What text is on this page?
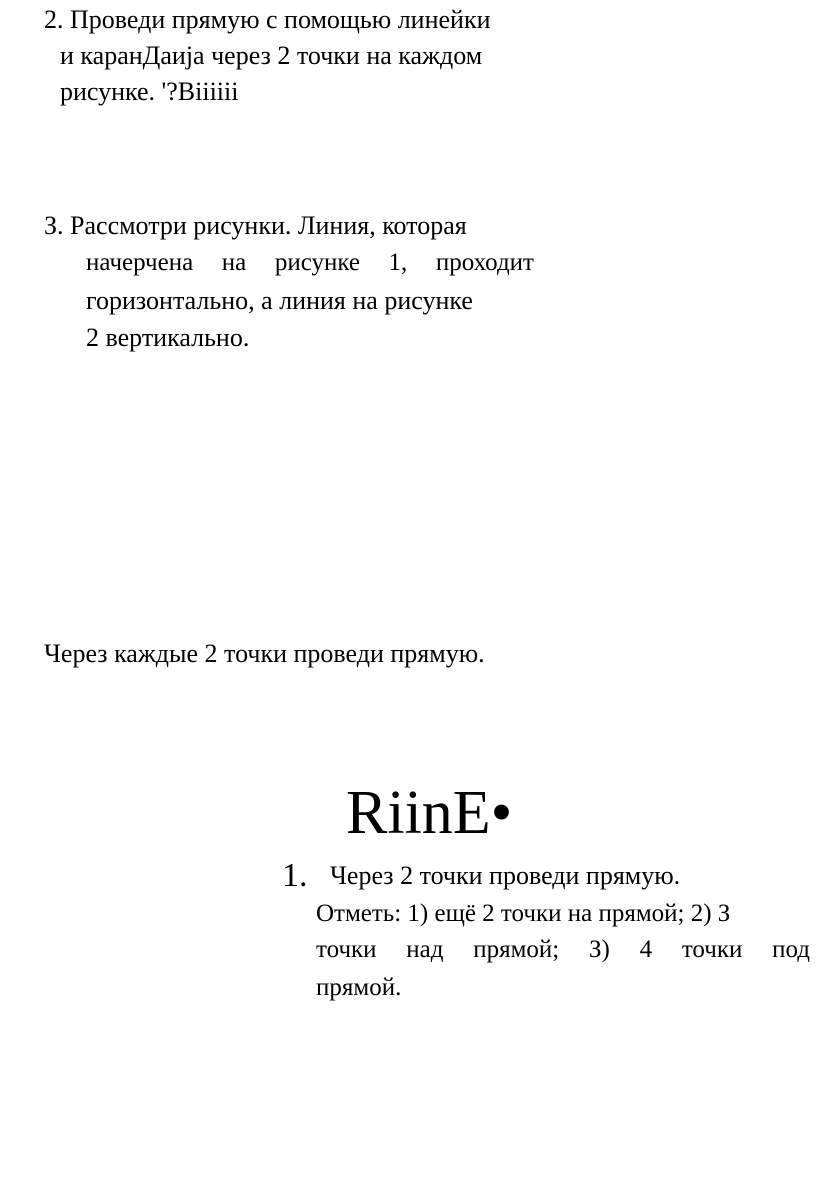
2. Проведи прямую с помощью линейки
и каранДаија через 2 точки на каждом
рисунке. '?Biiiiii
З. Рассмотри рисунки. Линия, которая
начерчена на рисунке 1, проходит
горизонтально, а линия на рисунке
2 вертикально.
Через каждые 2 точки проведи прямую.
RiinE•
1. Через 2 точки проведи прямую.
Отметь: 1) ещё 2 точки на прямой; 2) З
точки над прямой; З) 4 точки под
прямой.
